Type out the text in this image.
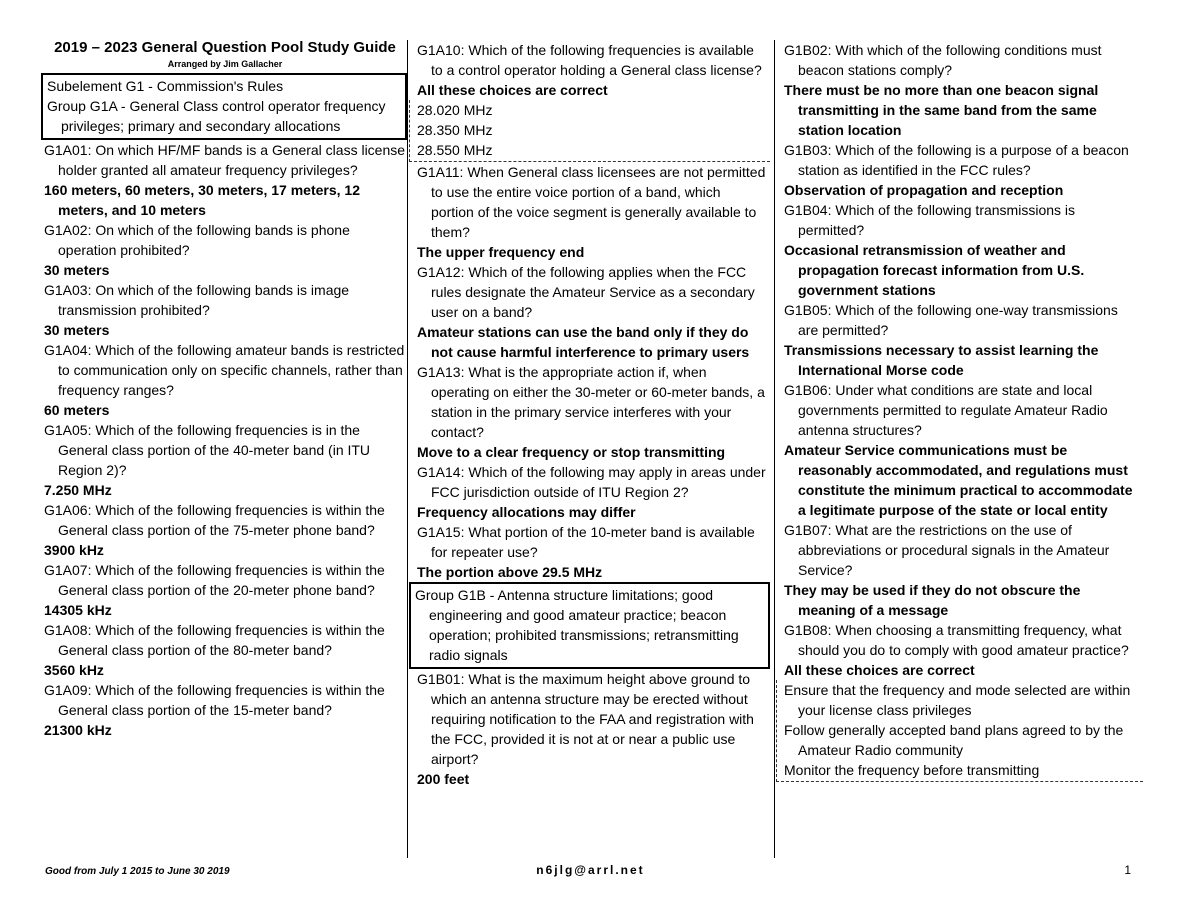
2019 – 2023 General Question Pool Study Guide
Arranged by Jim Gallacher

Subelement G1 - Commission's Rules

Group G1A - General Class control operator frequency privileges; primary and secondary allocations

G1A01: On which HF/MF bands is a General class license holder granted all amateur frequency privileges?

160 meters, 60 meters, 30 meters, 17 meters, 12 meters, and 10 meters

G1A02: On which of the following bands is phone operation prohibited?

30 meters

G1A03: On which of the following bands is image transmission prohibited?

30 meters

G1A04: Which of the following amateur bands is restricted to communication only on specific channels, rather than frequency ranges?

60 meters

G1A05: Which of the following frequencies is in the General class portion of the 40-meter band (in ITU Region 2)?

7.250 MHz

G1A06: Which of the following frequencies is within the General class portion of the 75-meter phone band?

3900 kHz

G1A07: Which of the following frequencies is within the General class portion of the 20-meter phone band?

14305 kHz

G1A08: Which of the following frequencies is within the General class portion of the 80-meter band?

3560 kHz

G1A09: Which of the following frequencies is within the General class portion of the 15-meter band?

21300 kHz

G1A10: Which of the following frequencies is available to a control operator holding a General class license?

All these choices are correct

28.020 MHz

28.350 MHz

28.550 MHz

G1A11: When General class licensees are not permitted to use the entire voice portion of a band, which portion of the voice segment is generally available to them?

The upper frequency end

G1A12: Which of the following applies when the FCC rules designate the Amateur Service as a secondary user on a band?

Amateur stations can use the band only if they do not cause harmful interference to primary users

G1A13: What is the appropriate action if, when operating on either the 30-meter or 60-meter bands, a station in the primary service interferes with your contact?

Move to a clear frequency or stop transmitting

G1A14: Which of the following may apply in areas under FCC jurisdiction outside of ITU Region 2?

Frequency allocations may differ

G1A15: What portion of the 10-meter band is available for repeater use?

The portion above 29.5 MHz

Group G1B - Antenna structure limitations; good engineering and good amateur practice; beacon operation; prohibited transmissions; retransmitting radio signals

G1B01: What is the maximum height above ground to which an antenna structure may be erected without requiring notification to the FAA and registration with the FCC, provided it is not at or near a public use airport?

200 feet

G1B02: With which of the following conditions must beacon stations comply?

There must be no more than one beacon signal transmitting in the same band from the same station location

G1B03: Which of the following is a purpose of a beacon station as identified in the FCC rules?

Observation of propagation and reception

G1B04: Which of the following transmissions is permitted?

Occasional retransmission of weather and propagation forecast information from U.S. government stations

G1B05: Which of the following one-way transmissions are permitted?

Transmissions necessary to assist learning the International Morse code

G1B06: Under what conditions are state and local governments permitted to regulate Amateur Radio antenna structures?

Amateur Service communications must be reasonably accommodated, and regulations must constitute the minimum practical to accommodate a legitimate purpose of the state or local entity

G1B07: What are the restrictions on the use of abbreviations or procedural signals in the Amateur Service?

They may be used if they do not obscure the meaning of a message

G1B08: When choosing a transmitting frequency, what should you do to comply with good amateur practice?

All these choices are correct

Ensure that the frequency and mode selected are within your license class privileges

Follow generally accepted band plans agreed to by the Amateur Radio community

Monitor the frequency before transmitting

Good from July 1 2015 to June 30 2019	n6jlg@arrl.net	1
